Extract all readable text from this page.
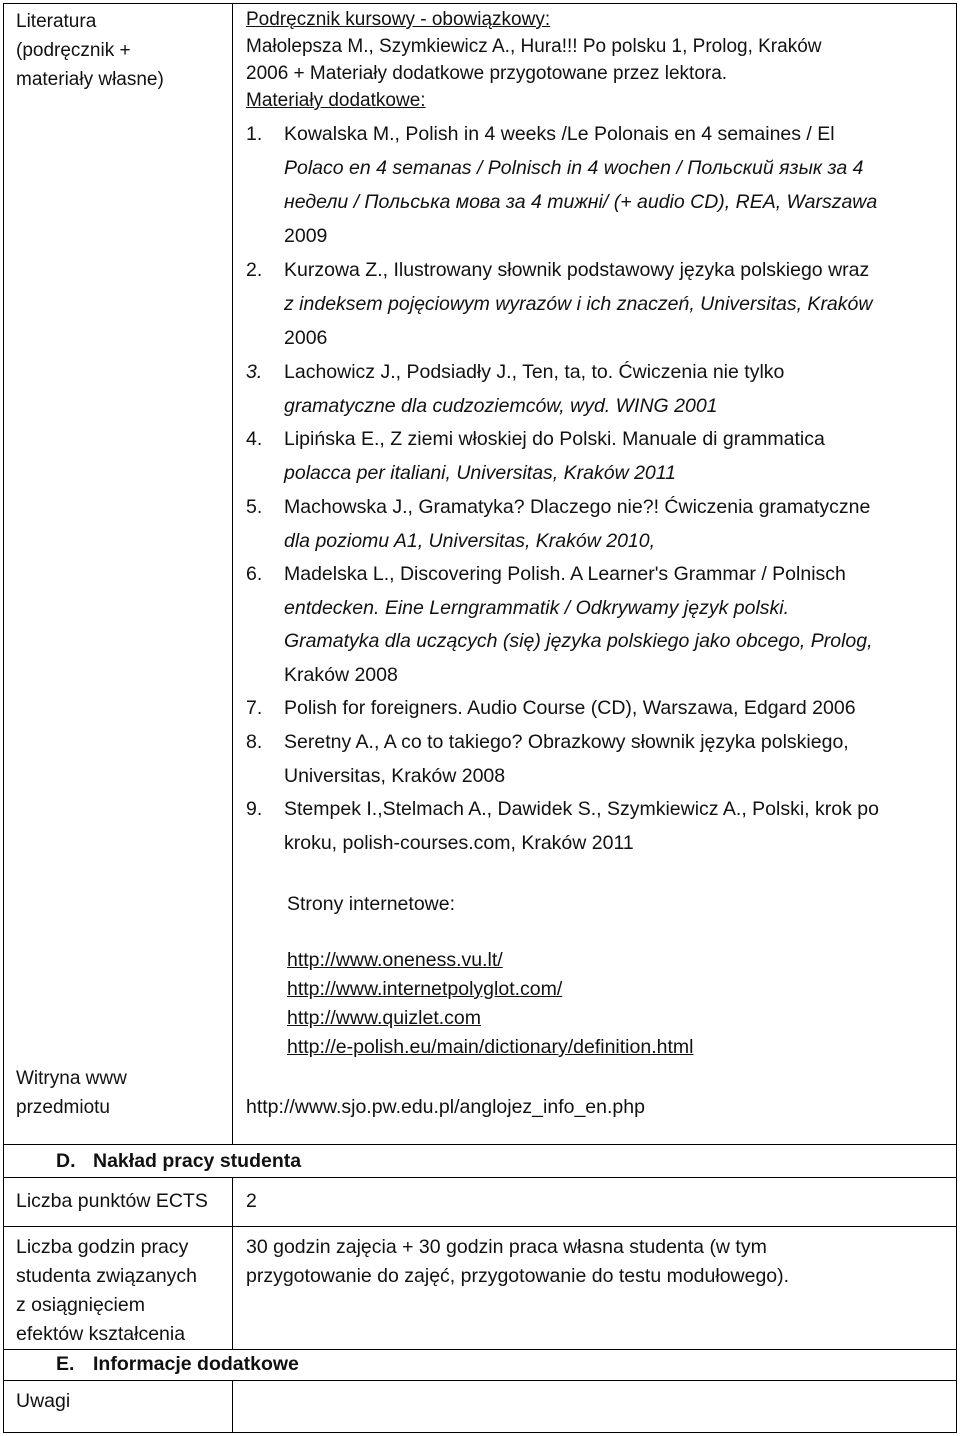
Literatura
(podręcznik +
materiały własne)
Podręcznik kursowy - obowiązkowy:
Małolepsza M., Szymkiewicz A., Hura!!! Po polsku 1, Prolog, Kraków
2006 + Materiały dodatkowe przygotowane przez lektora.
Materiały dodatkowe:
1. Kowalska M., Polish in 4 weeks /Le Polonais en 4 semaines / El
Polaco en 4 semanas / Polnisch in 4 wochen / Польский язык за 4
недели / Польська мова за 4 тижні/ (+ audio CD), REA, Warszawa
2009
2. Kurzowa Z., Ilustrowany słownik podstawowy języka polskiego wraz
z indeksem pojęciowym wyrazów i ich znaczeń, Universitas, Kraków
2006
3. Lachowicz J., Podsiadły J., Ten, ta, to. Ćwiczenia nie tylko
gramatyczne dla cudzoziemców, wyd. WING 2001
4. Lipińska E., Z ziemi włoskiej do Polski. Manuale di grammatica
polacca per italiani, Universitas, Kraków 2011
5. Machowska J., Gramatyka? Dlaczego nie?! Ćwiczenia gramatyczne
dla poziomu A1, Universitas, Kraków 2010,
6. Madelska L., Discovering Polish. A Learner's Grammar / Polnisch
entdecken. Eine Lerngrammatik / Odkrywamy język polski.
Gramatyka dla uczących (się) języka polskiego jako obcego, Prolog,
Kraków 2008
7. Polish for foreigners. Audio Course (CD), Warszawa, Edgard 2006
8. Seretny A., A co to takiego? Obrazkowy słownik języka polskiego,
Universitas, Kraków 2008
9. Stempek I.,Stelmach A., Dawidek S., Szymkiewicz A., Polski, krok po
kroku, polish-courses.com, Kraków 2011
Strony internetowe:
http://www.oneness.vu.lt/
http://www.internetpolyglot.com/
http://www.quizlet.com
http://e-polish.eu/main/dictionary/definition.html
Witryna www
przedmiotu	http://www.sjo.pw.edu.pl/anglojez_info_en.php
D. Nakład pracy studenta
Liczba punktów ECTS 2
Liczba godzin pracy
studenta związanych
z osiągnięciem
efektów kształcenia
30 godzin zajęcia + 30 godzin praca własna studenta (w tym
przygotowanie do zajęć, przygotowanie do testu modułowego).
E. Informacje dodatkowe
Uwagi
